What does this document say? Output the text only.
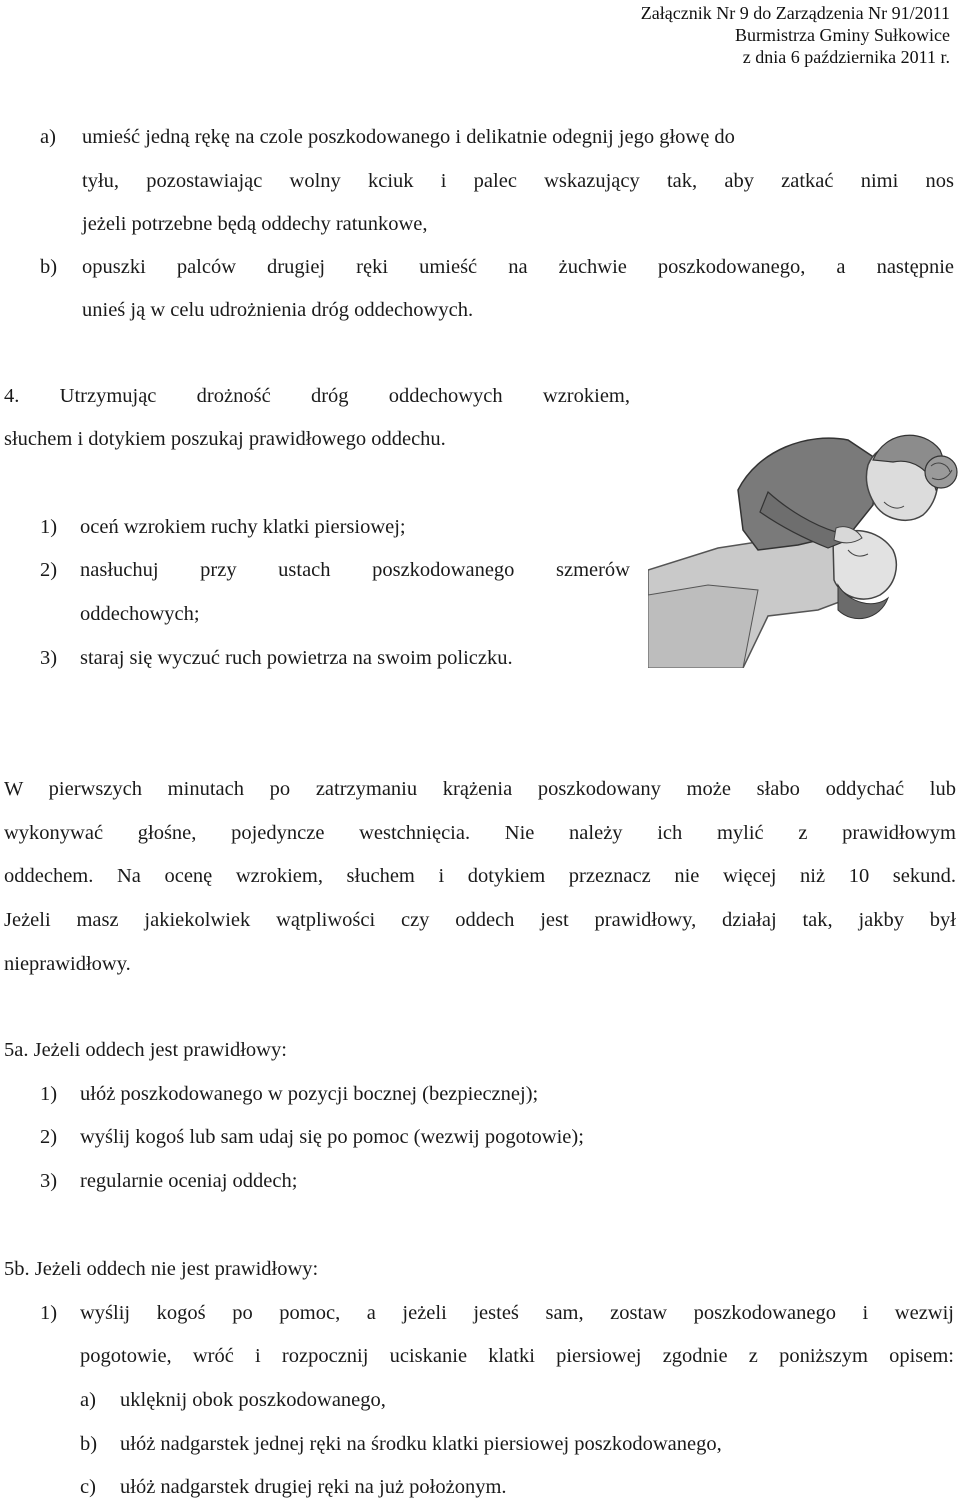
Załącznik Nr 9 do Zarządzenia Nr 91/2011
Burmistrza Gminy Sułkowice
z dnia 6 października 2011 r.
a) umieść jedną rękę na czole poszkodowanego i delikatnie odegnij jego głowę do
tyłu, pozostawiając wolny kciuk i palec wskazujący tak, aby zatkać nimi nos
jeżeli potrzebne będą oddechy ratunkowe,
b) opuszki palców drugiej ręki umieść na żuchwie poszkodowanego, a następnie
unieś ją w celu udrożnienia dróg oddechowych.
4. Utrzymując drożność dróg oddechowych wzrokiem,
słuchem i dotykiem poszukaj prawidłowego oddechu.
1) oceń wzrokiem ruchy klatki piersiowej;
2) nasłuchuj przy ustach poszkodowanego szmerów
oddechowych;
3) staraj się wyczuć ruch powietrza na swoim policzku.
W pierwszych minutach po zatrzymaniu krążenia poszkodowany może słabo oddychać lub
wykonywać głośne, pojedyncze westchnięcia. Nie należy ich mylić z prawidłowym
oddechem. Na ocenę wzrokiem, słuchem i dotykiem przeznacz nie więcej niż 10 sekund.
Jeżeli masz jakiekolwiek wątpliwości czy oddech jest prawidłowy, działaj tak, jakby był
nieprawidłowy.
5a. Jeżeli oddech jest prawidłowy:
1) ułóż poszkodowanego w pozycji bocznej (bezpiecznej);
2) wyślij kogoś lub sam udaj się po pomoc (wezwij pogotowie);
3) regularnie oceniaj oddech;
5b. Jeżeli oddech nie jest prawidłowy:
1) wyślij kogoś po pomoc, a jeżeli jesteś sam, zostaw poszkodowanego i wezwij
pogotowie, wróć i rozpocznij uciskanie klatki piersiowej zgodnie z poniższym opisem:
a) uklęknij obok poszkodowanego,
b) ułóż nadgarstek jednej ręki na środku klatki piersiowej poszkodowanego,
c) ułóż nadgarstek drugiej ręki na już położonym.
